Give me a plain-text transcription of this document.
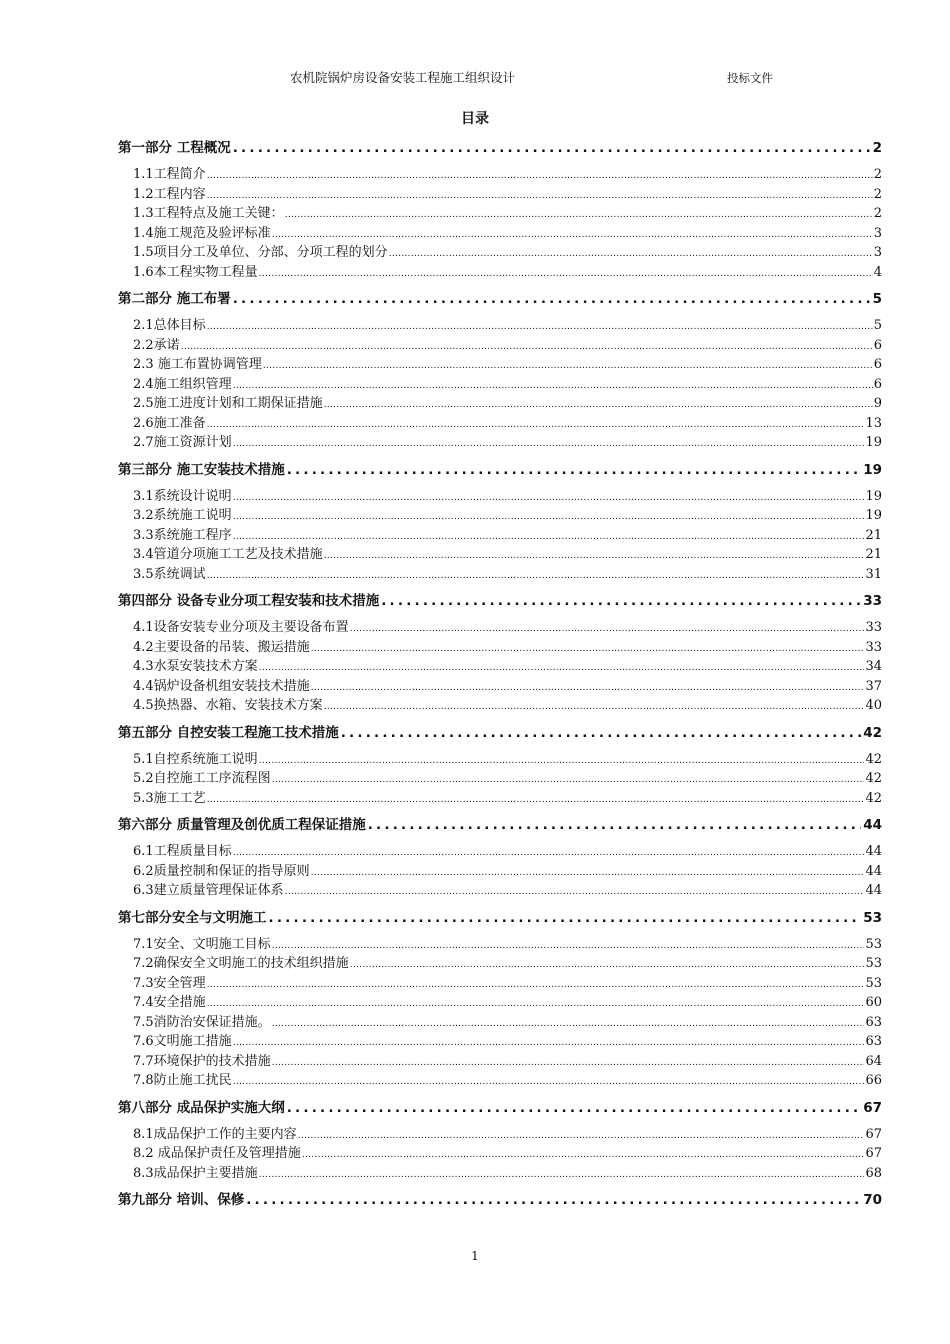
农机院锅炉房设备安装工程施工组织设计	投标文件
目录
第一部分 工程概况 .....	2
1.1工程简介 .....	2
1.2工程内容 .....	2
1.3工程特点及施工关键： .....	2
1.4施工规范及验评标准 .....	3
1.5项目分工及单位、分部、分项工程的划分 .....	3
1.6本工程实物工程量 .....	4
第二部分 施工布署 .....	5
2.1总体目标 .....	5
2.2承诺 .....	6
2.3 施工布置协调管理 .....	6
2.4施工组织管理 .....	6
2.5施工进度计划和工期保证措施 .....	9
2.6施工准备 .....	13
2.7施工资源计划 .....	19
第三部分 施工安装技术措施 .....	19
3.1系统设计说明 .....	19
3.2系统施工说明 .....	19
3.3系统施工程序 .....	21
3.4管道分项施工工艺及技术措施 .....	21
3.5系统调试 .....	31
第四部分 设备专业分项工程安装和技术措施 .....	33
4.1设备安装专业分项及主要设备布置 .....	33
4.2主要设备的吊装、搬运措施 .....	33
4.3水泵安装技术方案 .....	34
4.4锅炉设备机组安装技术措施 .....	37
4.5换热器、水箱、安装技术方案 .....	40
第五部分 自控安装工程施工技术措施 .....	42
5.1自控系统施工说明 .....	42
5.2自控施工工序流程图 .....	42
5.3施工工艺 .....	42
第六部分 质量管理及创优质工程保证措施 .....	44
6.1工程质量目标 .....	44
6.2质量控制和保证的指导原则 .....	44
6.3建立质量管理保证体系 .....	44
第七部分安全与文明施工 .....	53
7.1安全、文明施工目标 .....	53
7.2确保安全文明施工的技术组织措施 .....	53
7.3安全管理 .....	53
7.4安全措施 .....	60
7.5消防治安保证措施。 .....	63
7.6文明施工措施 .....	63
7.7环境保护的技术措施 .....	64
7.8防止施工扰民 .....	66
第八部分 成品保护实施大纲 .....	67
8.1成品保护工作的主要内容 .....	67
8.2 成品保护责任及管理措施 .....	67
8.3成品保护主要措施 .....	68
第九部分 培训、保修 .....	70
1
